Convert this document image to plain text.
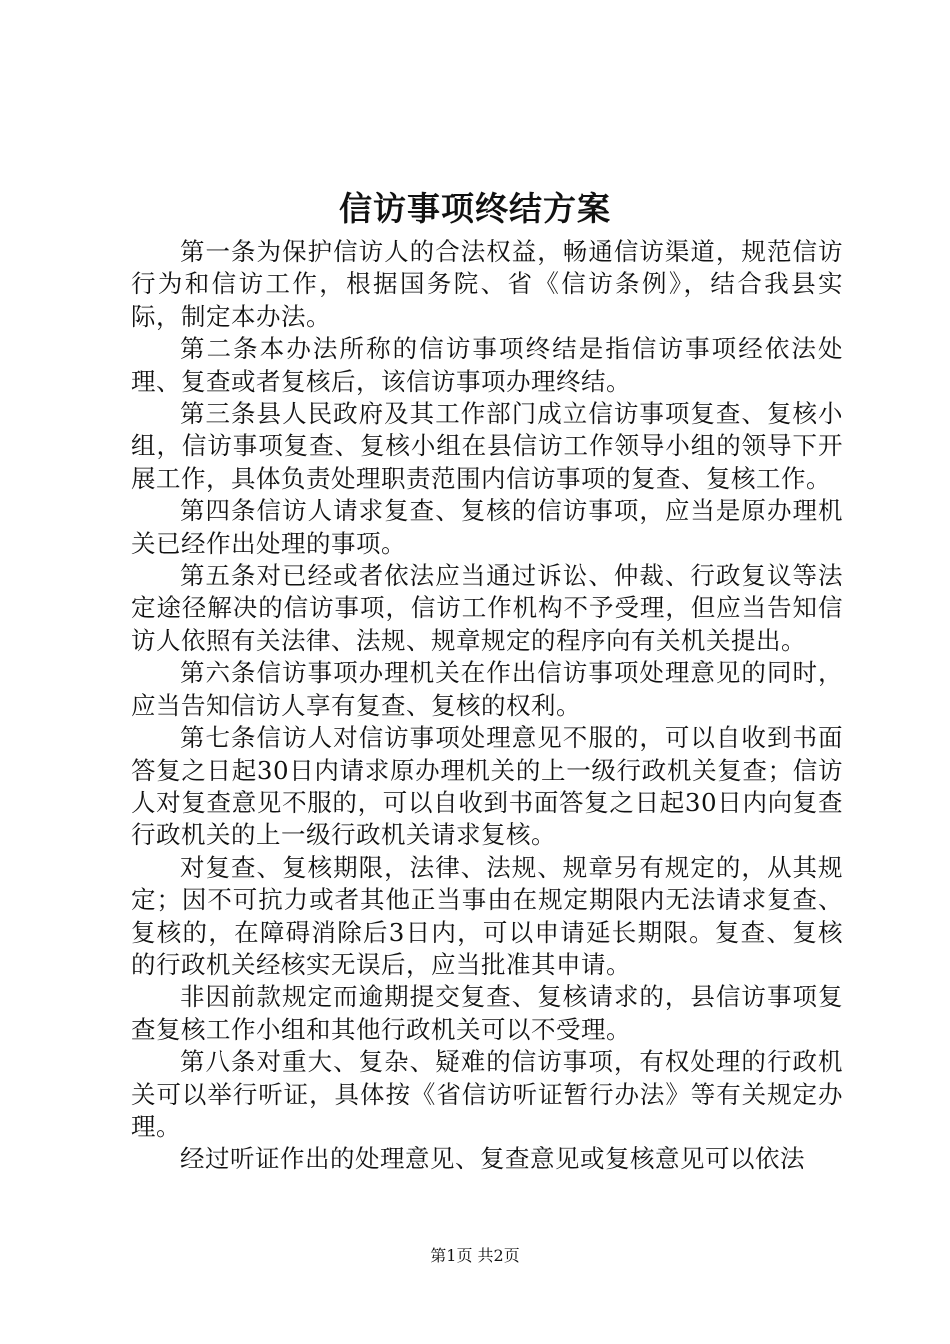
信访事项终结方案

第一条为保护信访人的合法权益，畅通信访渠道，规范信访行为和信访工作，根据国务院、省《信访条例》，结合我县实际，制定本办法。

第二条本办法所称的信访事项终结是指信访事项经依法处理、复查或者复核后，该信访事项办理终结。

第三条县人民政府及其工作部门成立信访事项复查、复核小组，信访事项复查、复核小组在县信访工作领导小组的领导下开展工作，具体负责处理职责范围内信访事项的复查、复核工作。

第四条信访人请求复查、复核的信访事项，应当是原办理机关已经作出处理的事项。

第五条对已经或者依法应当通过诉讼、仲裁、行政复议等法定途径解决的信访事项，信访工作机构不予受理，但应当告知信访人依照有关法律、法规、规章规定的程序向有关机关提出。

第六条信访事项办理机关在作出信访事项处理意见的同时，应当告知信访人享有复查、复核的权利。

第七条信访人对信访事项处理意见不服的，可以自收到书面答复之日起30日内请求原办理机关的上一级行政机关复查；信访人对复查意见不服的，可以自收到书面答复之日起30日内向复查行政机关的上一级行政机关请求复核。

对复查、复核期限，法律、法规、规章另有规定的，从其规定；因不可抗力或者其他正当事由在规定期限内无法请求复查、复核的，在障碍消除后3日内，可以申请延长期限。复查、复核的行政机关经核实无误后，应当批准其申请。

非因前款规定而逾期提交复查、复核请求的，县信访事项复查复核工作小组和其他行政机关可以不受理。

第八条对重大、复杂、疑难的信访事项，有权处理的行政机关可以举行听证，具体按《省信访听证暂行办法》等有关规定办理。

经过听证作出的处理意见、复查意见或复核意见可以依法

第1页 共2页
